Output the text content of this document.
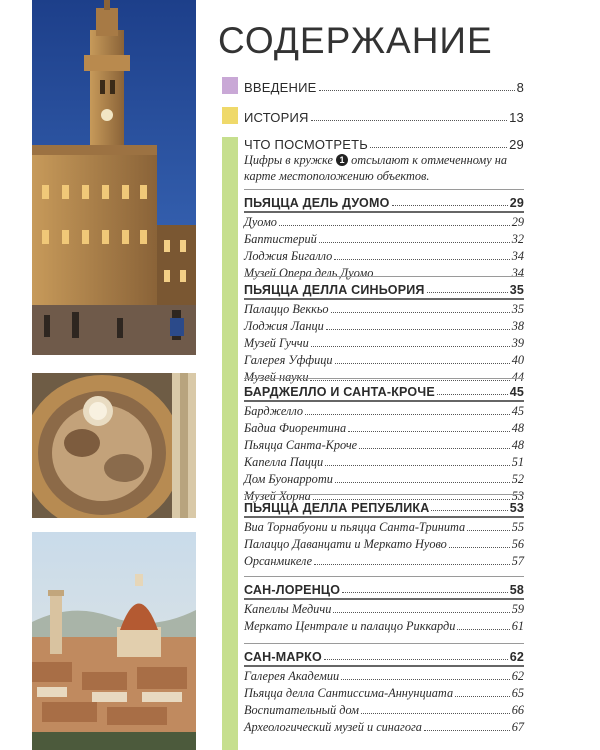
СОДЕРЖАНИЕ
ВВЕДЕНИЕ	8
ИСТОРИЯ	13
ЧТО ПОСМОТРЕТЬ	29
Цифры в кружке 1 отсылают к отмеченному на карте местоположению объектов.
ПЬЯЦЦА ДЕЛЬ ДУОМО	29
Дуомо	29
Баптистерий	32
Лоджия Бигалло	34
Музей Опера дель Дуомо	34
ПЬЯЦЦА ДЕЛЛА СИНЬОРИЯ	35
Палаццо Веккьо	35
Лоджия Ланци	38
Музей Гуччи	39
Галерея Уффици	40
Музей науки	44
БАРДЖЕЛЛО И САНТА-КРОЧЕ	45
Барджелло	45
Бадиа Фиорентина	48
Пьяцца Санта-Кроче	48
Капелла Пацци	51
Дом Буонарроти	52
Музей Хорна	53
ПЬЯЦЦА ДЕЛЛА РЕПУБЛИКА	53
Виа Торнабуони и пьяцца Санта-Тринита	55
Палаццо Даванцати и Меркато Нуово	56
Орсанмикеле	57
САН-ЛОРЕНЦО	58
Капеллы Медичи	59
Меркато Централе и палаццо Риккарди	61
САН-МАРКО	62
Галерея Академии	62
Пьяцца делла Сантиссима-Аннунциата	65
Воспитательный дом	66
Археологический музей и синагога	67
